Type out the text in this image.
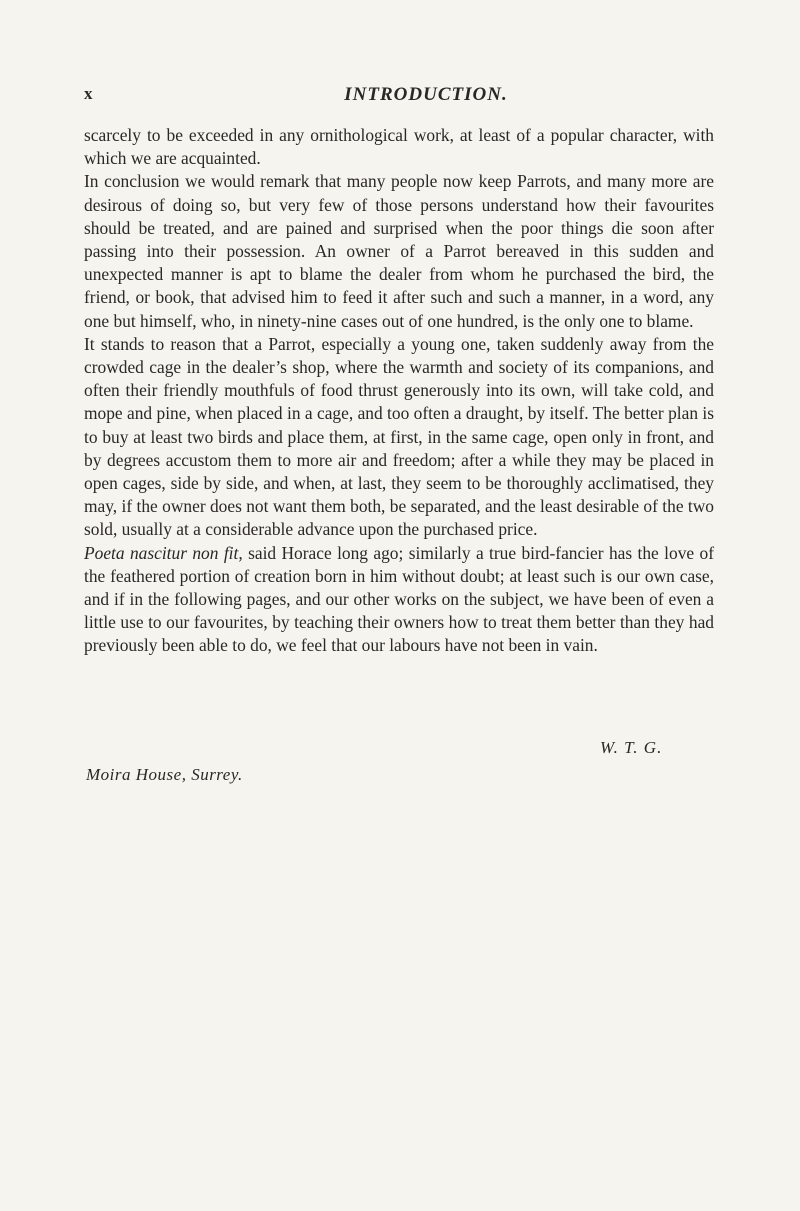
x	INTRODUCTION.

scarcely to be exceeded in any ornithological work, at least of a popular character, with which we are acquainted.

In conclusion we would remark that many people now keep Parrots, and many more are desirous of doing so, but very few of those persons understand how their favourites should be treated, and are pained and surprised when the poor things die soon after passing into their possession. An owner of a Parrot bereaved in this sudden and unexpected manner is apt to blame the dealer from whom he purchased the bird, the friend, or book, that advised him to feed it after such and such a manner, in a word, any one but himself, who, in ninety-nine cases out of one hundred, is the only one to blame.

It stands to reason that a Parrot, especially a young one, taken suddenly away from the crowded cage in the dealer’s shop, where the warmth and society of its companions, and often their friendly mouthfuls of food thrust generously into its own, will take cold, and mope and pine, when placed in a cage, and too often a draught, by itself. The better plan is to buy at least two birds and place them, at first, in the same cage, open only in front, and by degrees accustom them to more air and freedom; after a while they may be placed in open cages, side by side, and when, at last, they seem to be thoroughly acclimatised, they may, if the owner does not want them both, be separated, and the least desirable of the two sold, usually at a considerable advance upon the purchased price.

Poeta nascitur non fit, said Horace long ago; similarly a true bird-fancier has the love of the feathered portion of creation born in him without doubt; at least such is our own case, and if in the following pages, and our other works on the subject, we have been of even a little use to our favourites, by teaching their owners how to treat them better than they had previously been able to do, we feel that our labours have not been in vain.

W. T. G.
Moira House, Surrey.
